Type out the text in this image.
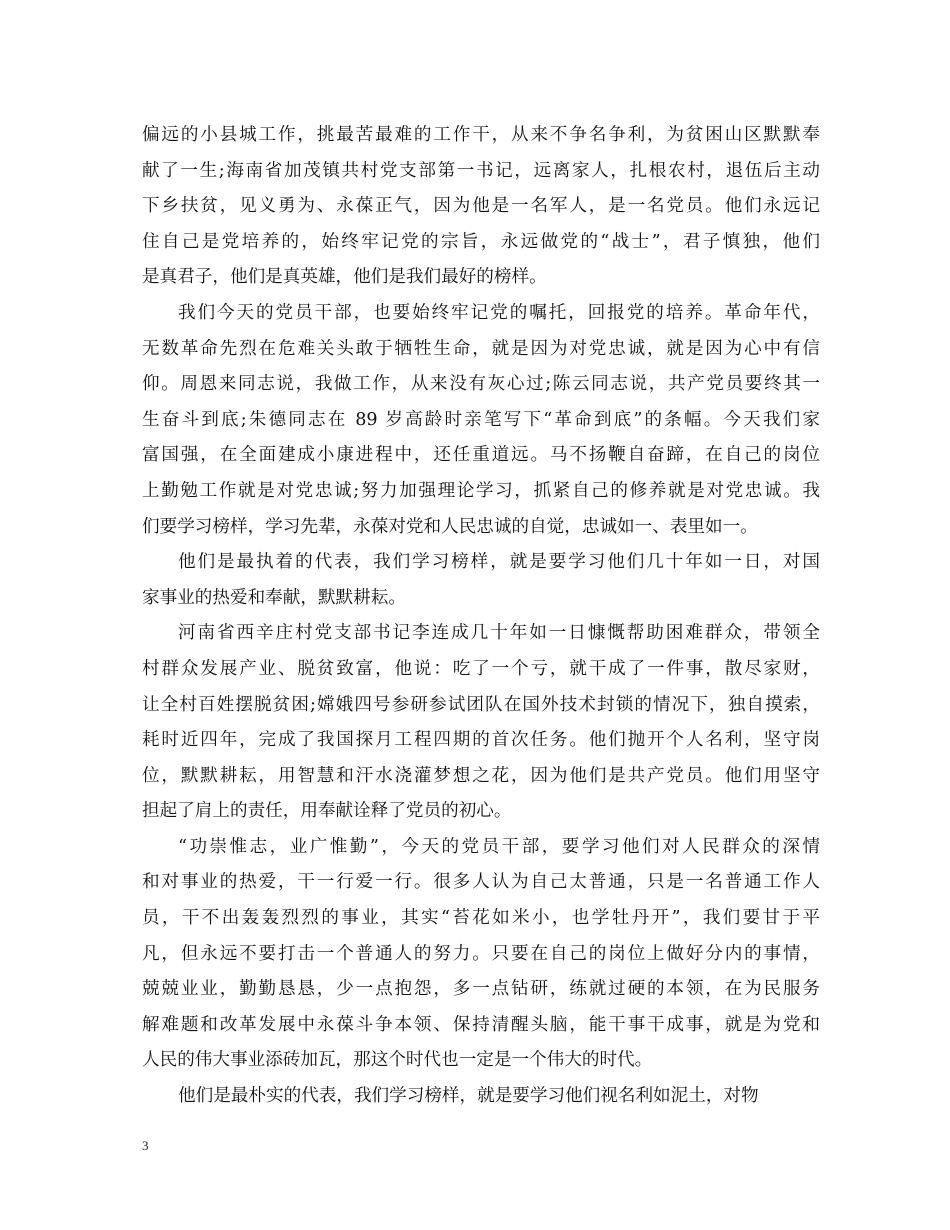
偏远的小县城工作，挑最苦最难的工作干，从来不争名争利，为贫困山区默默奉
献了一生;海南省加茂镇共村党支部第一书记，远离家人，扎根农村，退伍后主动
下乡扶贫，见义勇为、永葆正气，因为他是一名军人，是一名党员。他们永远记
住自己是党培养的，始终牢记党的宗旨，永远做党的“战士”，君子慎独，他们
是真君子，他们是真英雄，他们是我们最好的榜样。
我们今天的党员干部，也要始终牢记党的嘱托，回报党的培养。革命年代，
无数革命先烈在危难关头敢于牺牲生命，就是因为对党忠诚，就是因为心中有信
仰。周恩来同志说，我做工作，从来没有灰心过;陈云同志说，共产党员要终其一
生奋斗到底;朱德同志在 89 岁高龄时亲笔写下“革命到底”的条幅。今天我们家
富国强，在全面建成小康进程中，还任重道远。马不扬鞭自奋蹄，在自己的岗位
上勤勉工作就是对党忠诚;努力加强理论学习，抓紧自己的修养就是对党忠诚。我
们要学习榜样，学习先辈，永葆对党和人民忠诚的自觉，忠诚如一、表里如一。
他们是最执着的代表，我们学习榜样，就是要学习他们几十年如一日，对国
家事业的热爱和奉献，默默耕耘。
河南省西辛庄村党支部书记李连成几十年如一日慷慨帮助困难群众，带领全
村群众发展产业、脱贫致富，他说：吃了一个亏，就干成了一件事，散尽家财，
让全村百姓摆脱贫困;嫦娥四号参研参试团队在国外技术封锁的情况下，独自摸索，
耗时近四年，完成了我国探月工程四期的首次任务。他们抛开个人名利，坚守岗
位，默默耕耘，用智慧和汗水浇灌梦想之花，因为他们是共产党员。他们用坚守
担起了肩上的责任，用奉献诠释了党员的初心。
“功崇惟志，业广惟勤”，今天的党员干部，要学习他们对人民群众的深情
和对事业的热爱，干一行爱一行。很多人认为自己太普通，只是一名普通工作人
员，干不出轰轰烈烈的事业，其实“苔花如米小，也学牡丹开”，我们要甘于平
凡，但永远不要打击一个普通人的努力。只要在自己的岗位上做好分内的事情，
兢兢业业，勤勤恳恳，少一点抱怨，多一点钻研，练就过硬的本领，在为民服务
解难题和改革发展中永葆斗争本领、保持清醒头脑，能干事干成事，就是为党和
人民的伟大事业添砖加瓦，那这个时代也一定是一个伟大的时代。
他们是最朴实的代表，我们学习榜样，就是要学习他们视名利如泥土，对物
3
